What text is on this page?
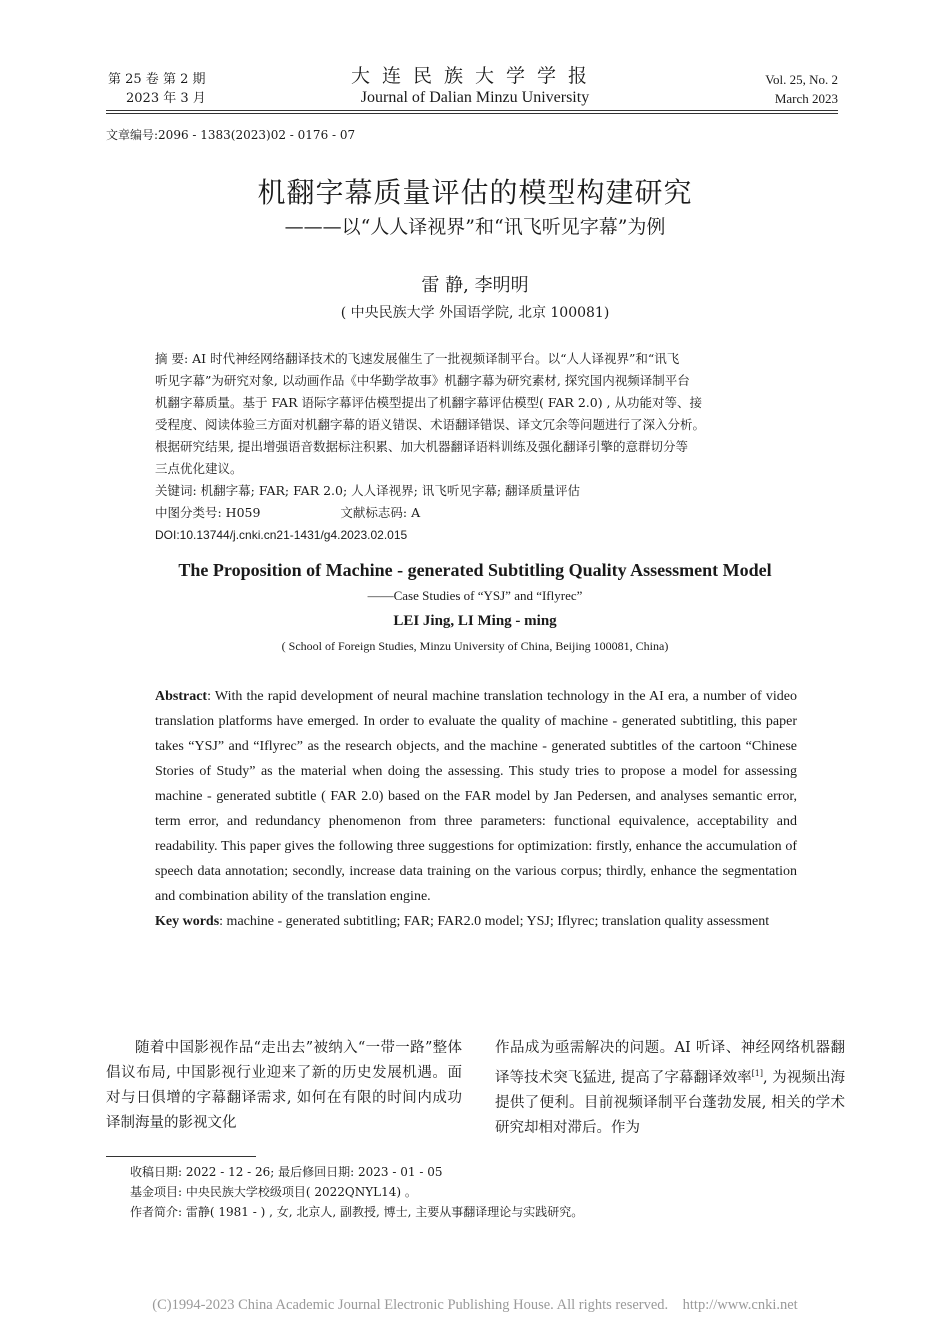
第 25 卷 第 2 期
2023 年 3 月
大连民族大学学报
Journal of Dalian Minzu University
Vol. 25, No. 2
March 2023
文章编号:2096 - 1383(2023)02 - 0176 - 07
机翻字幕质量评估的模型构建研究
———以“人人译视界”和“讯飞听见字幕”为例
雷 静, 李明明
( 中央民族大学 外国语学院, 北京 100081)
摘 要: AI 时代神经网络翻译技术的飞速发展催生了一批视频译制平台。以“人人译视界”和“讯飞
听见字幕”为研究对象, 以动画作品《中华勤学故事》机翻字幕为研究素材, 探究国内视频译制平台
机翻字幕质量。基于 FAR 语际字幕评估模型提出了机翻字幕评估模型( FAR 2.0) , 从功能对等、接
受程度、阅读体验三方面对机翻字幕的语义错误、术语翻译错误、译文冗余等问题进行了深入分析。
根据研究结果, 提出增强语音数据标注积累、加大机器翻译语料训练及强化翻译引擎的意群切分等
三点优化建议。
关键词: 机翻字幕; FAR; FAR 2.0; 人人译视界; 讯飞听见字幕; 翻译质量评估
中图分类号: H059	文献标志码: A
DOI:10.13744/j.cnki.cn21-1431/g4.2023.02.015
The Proposition of Machine - generated Subtitling Quality Assessment Model
——Case Studies of “YSJ” and “Iflyrec”
LEI Jing, LI Ming - ming
( School of Foreign Studies, Minzu University of China, Beijing 100081, China)
Abstract: With the rapid development of neural machine translation technology in the AI era, a number of video translation platforms have emerged. In order to evaluate the quality of machine - generated subtitling, this paper takes “YSJ” and “Iflyrec” as the research objects, and the machine - generated subtitles of the cartoon “Chinese Stories of Study” as the material when doing the assessing. This study tries to propose a model for assessing machine - generated subtitle ( FAR 2.0) based on the FAR model by Jan Pedersen, and analyses semantic error, term error, and redundancy phenomenon from three parameters: functional equivalence, acceptability and readability. This paper gives the following three suggestions for optimization: firstly, enhance the accumulation of speech data annotation; secondly, increase data training on the various corpus; thirdly, enhance the segmentation and combination ability of the translation engine.
Key words: machine - generated subtitling; FAR; FAR2.0 model; YSJ; Iflyrec; translation quality assessment
随着中国影视作品“走出去”被纳入“一带一路”整体倡议布局, 中国影视行业迎来了新的历史发展机遇。面对与日俱增的字幕翻译需求, 如何在有限的时间内成功译制海量的影视文化
作品成为亟需解决的问题。AI 听译、神经网络机器翻译等技术突飞猛进, 提高了字幕翻译效率[1], 为视频出海提供了便利。目前视频译制平台蓬勃发展, 相关的学术研究却相对滞后。作为
收稿日期: 2022 - 12 - 26; 最后修回日期: 2023 - 01 - 05
基金项目: 中央民族大学校级项目( 2022QNYL14) 。
作者简介: 雷静( 1981 - ) , 女, 北京人, 副教授, 博士, 主要从事翻译理论与实践研究。
(C)1994-2023 China Academic Journal Electronic Publishing House. All rights reserved.    http://www.cnki.net
